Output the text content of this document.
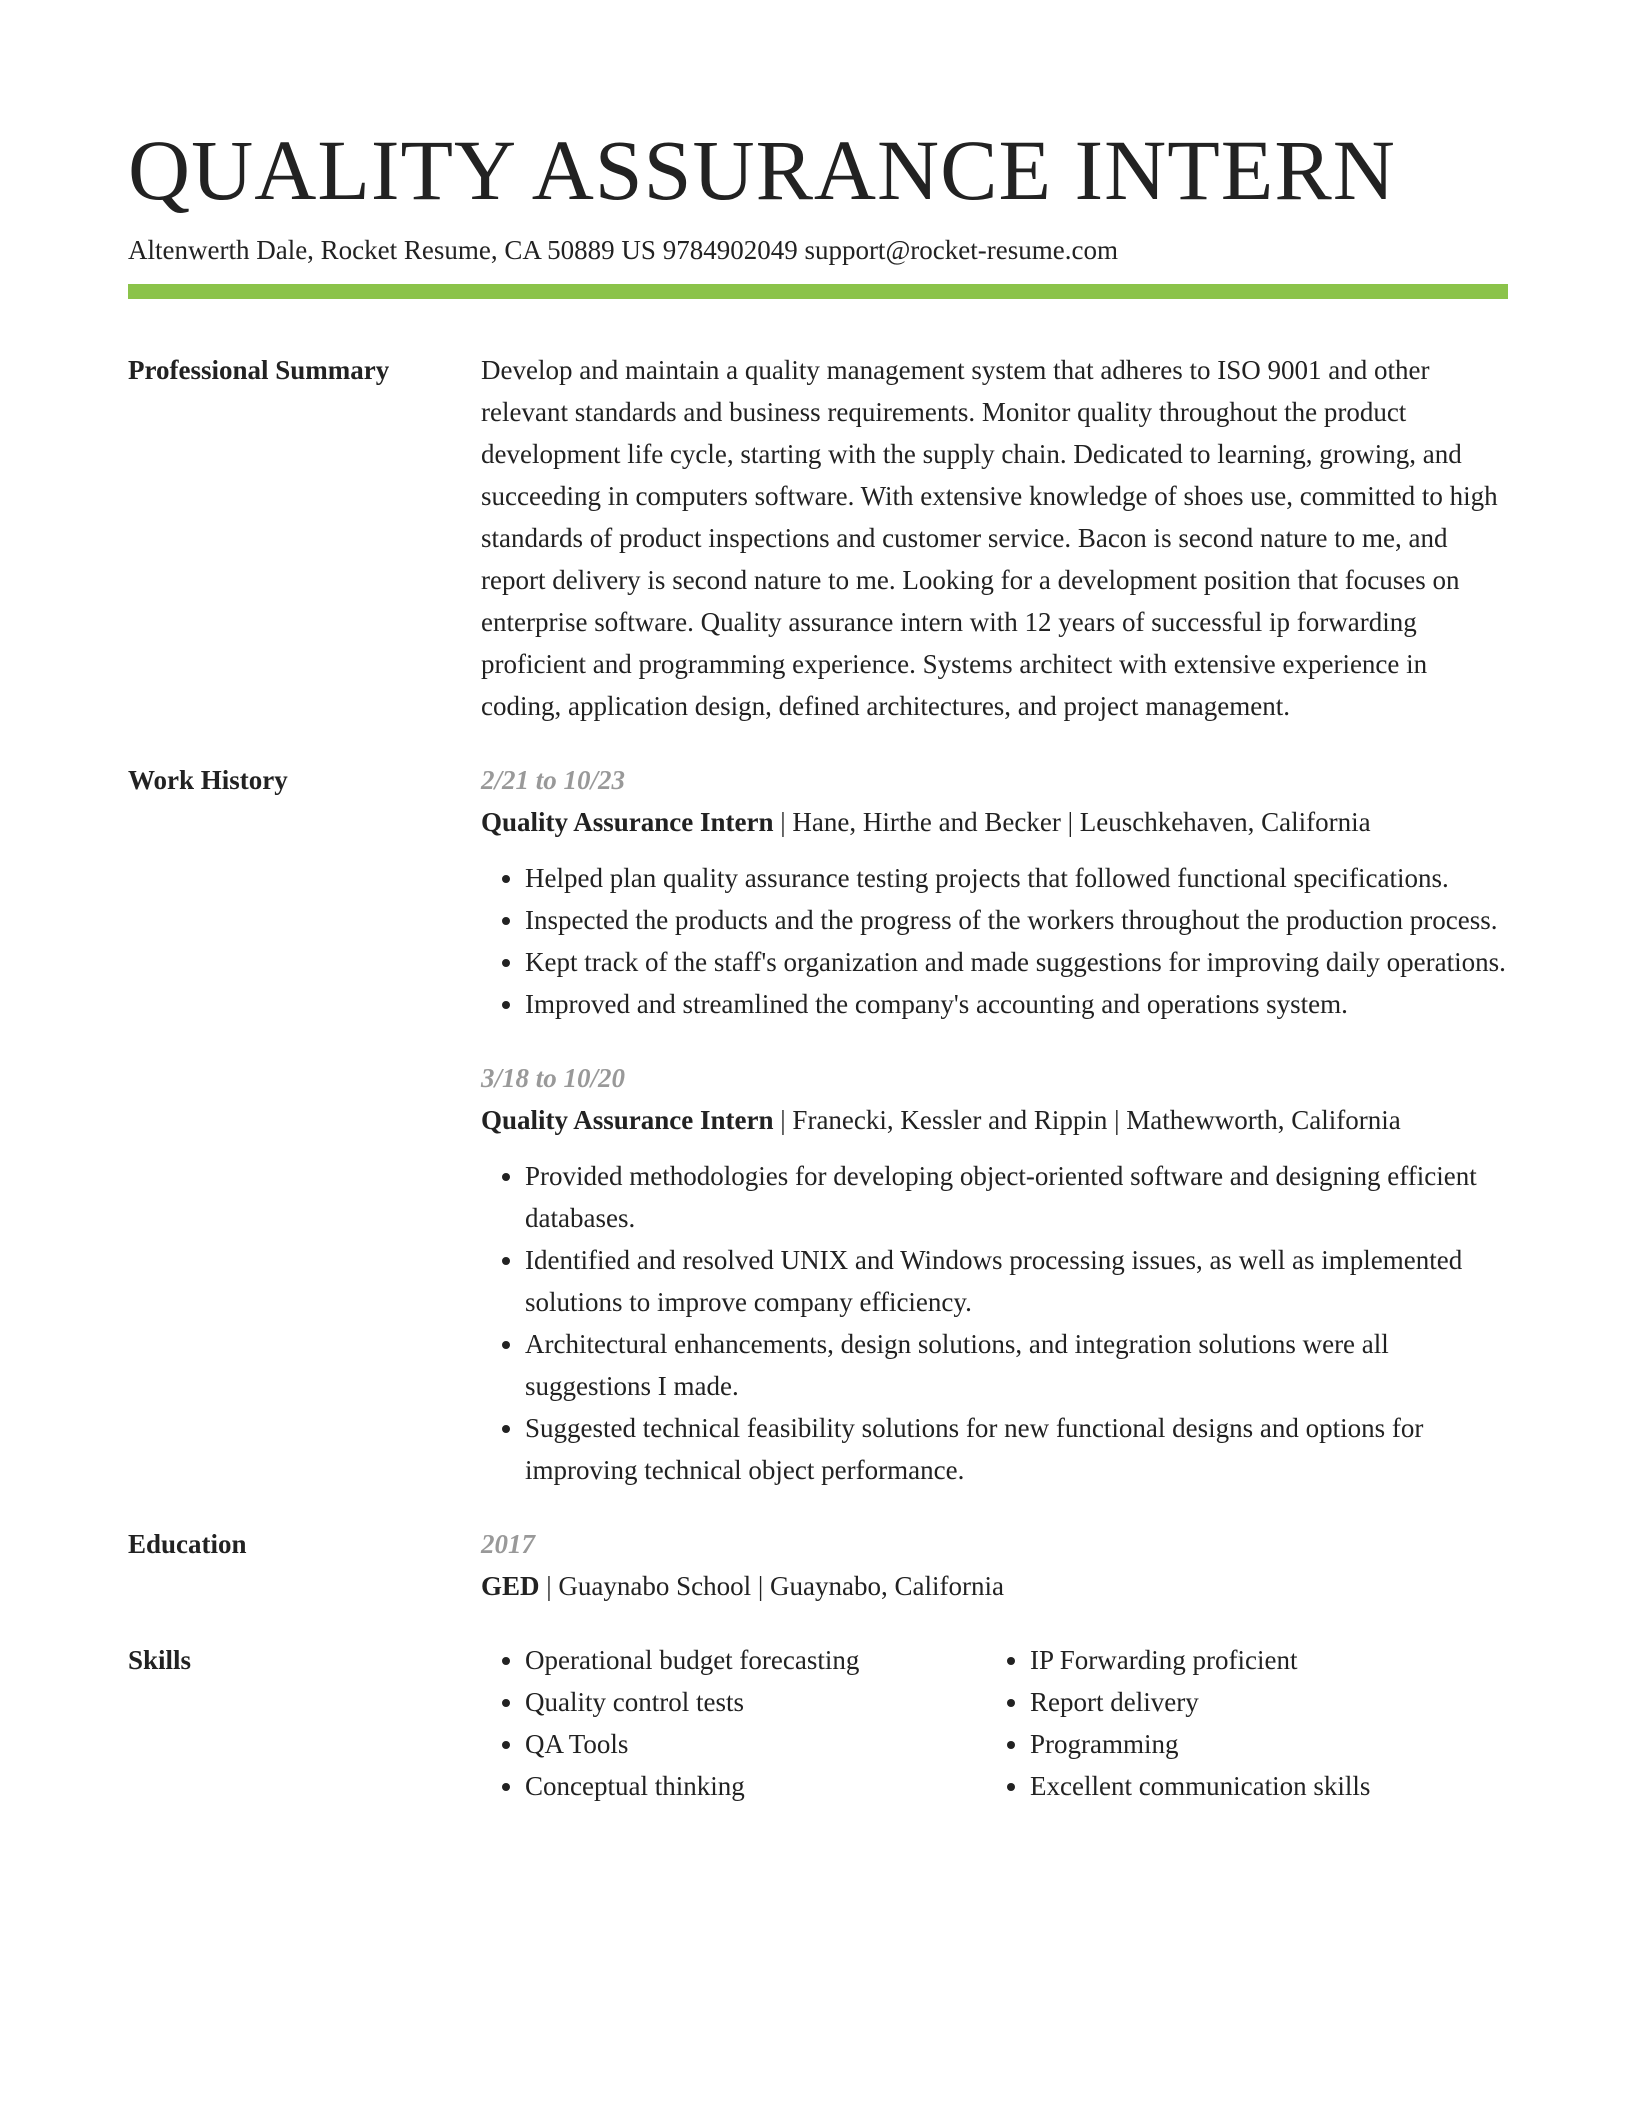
QUALITY ASSURANCE INTERN
Altenwerth Dale, Rocket Resume, CA 50889 US 9784902049 support@rocket-resume.com
Professional Summary	Develop and maintain a quality management system that adheres to ISO 9001 and other relevant standards and business requirements. Monitor quality throughout the product development life cycle, starting with the supply chain. Dedicated to learning, growing, and succeeding in computers software. With extensive knowledge of shoes use, committed to high standards of product inspections and customer service. Bacon is second nature to me, and report delivery is second nature to me. Looking for a development position that focuses on enterprise software. Quality assurance intern with 12 years of successful ip forwarding proficient and programming experience. Systems architect with extensive experience in coding, application design, defined architectures, and project management.

Work History	2/21 to 10/23
Quality Assurance Intern | Hane, Hirthe and Becker | Leuschkehaven, California
• Helped plan quality assurance testing projects that followed functional specifications.
• Inspected the products and the progress of the workers throughout the production process.
• Kept track of the staff's organization and made suggestions for improving daily operations.
• Improved and streamlined the company's accounting and operations system.
3/18 to 10/20
Quality Assurance Intern | Franecki, Kessler and Rippin | Mathewworth, California
• Provided methodologies for developing object-oriented software and designing efficient databases.
• Identified and resolved UNIX and Windows processing issues, as well as implemented solutions to improve company efficiency.
• Architectural enhancements, design solutions, and integration solutions were all suggestions I made.
• Suggested technical feasibility solutions for new functional designs and options for improving technical object performance.
Education	2017
GED | Guaynabo School | Guaynabo, California
Skills
•	Operational budget forecasting
• Quality control tests
• QA Tools
• Conceptual thinking
• IP Forwarding proficient
• Report delivery
• Programming
• Excellent communication skills
